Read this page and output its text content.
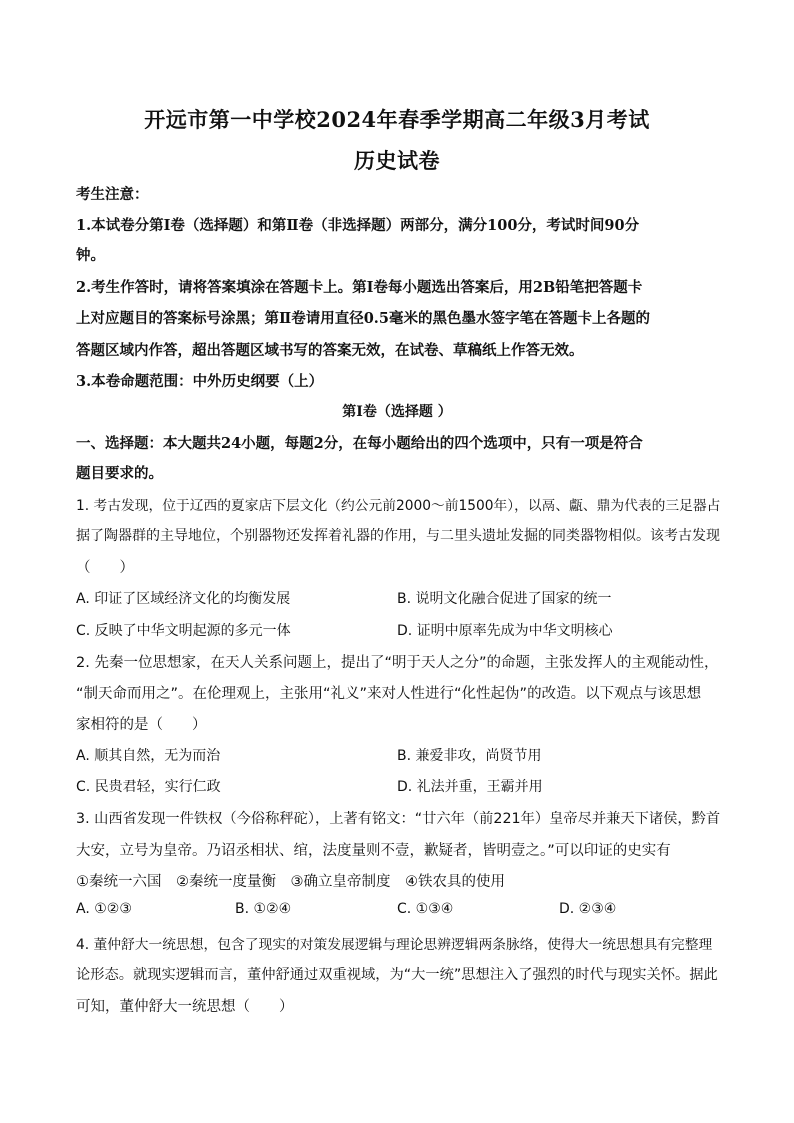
开远市第一中学校2024年春季学期高二年级3月考试
历史试卷
考生注意：
1.本试卷分第Ⅰ卷（选择题）和第Ⅱ卷（非选择题）两部分，满分100分，考试时间90分
钟。
2.考生作答时，请将答案填涂在答题卡上。第Ⅰ卷每小题选出答案后，用2B铅笔把答题卡
上对应题目的答案标号涂黑；第Ⅱ卷请用直径0.5毫米的黑色墨水签字笔在答题卡上各题的
答题区域内作答，超出答题区域书写的答案无效，在试卷、草稿纸上作答无效。
3.本卷命题范围：中外历史纲要（上）
第Ⅰ卷（选择题 ）
一、选择题：本大题共24小题，每题2分，在每小题给出的四个选项中，只有一项是符合
题目要求的。
1. 考古发现，位于辽西的夏家店下层文化（约公元前2000～前1500年），以鬲、甗、鼎为代表的三足器占
据了陶器群的主导地位，个别器物还发挥着礼器的作用，与二里头遗址发掘的同类器物相似。该考古发现
（　　）
A. 印证了区域经济文化的均衡发展	B. 说明文化融合促进了国家的统一
C. 反映了中华文明起源的多元一体	D. 证明中原率先成为中华文明核心
2. 先秦一位思想家，在天人关系问题上，提出了“明于天人之分”的命题，主张发挥人的主观能动性，
“制天命而用之”。在伦理观上，主张用“礼义”来对人性进行“化性起伪”的改造。以下观点与该思想
家相符的是（　　）
A. 顺其自然，无为而治	B. 兼爱非攻，尚贤节用
C. 民贵君轻，实行仁政	D. 礼法并重，王霸并用
3. 山西省发现一件铁权（今俗称秤砣），上著有铭文：“廿六年（前221年）皇帝尽并兼天下诸侯，黔首
大安，立号为皇帝。乃诏丞相状、绾，法度量则不壹，歉疑者，皆明壹之。”可以印证的史实有
①秦统一六国　②秦统一度量衡　③确立皇帝制度　④铁农具的使用
A. ①②③	B. ①②④	C. ①③④	D. ②③④
4. 董仲舒大一统思想，包含了现实的对策发展逻辑与理论思辨逻辑两条脉络，使得大一统思想具有完整理
论形态。就现实逻辑而言，董仲舒通过双重视域，为“大一统”思想注入了强烈的时代与现实关怀。据此
可知，董仲舒大一统思想（　　）
